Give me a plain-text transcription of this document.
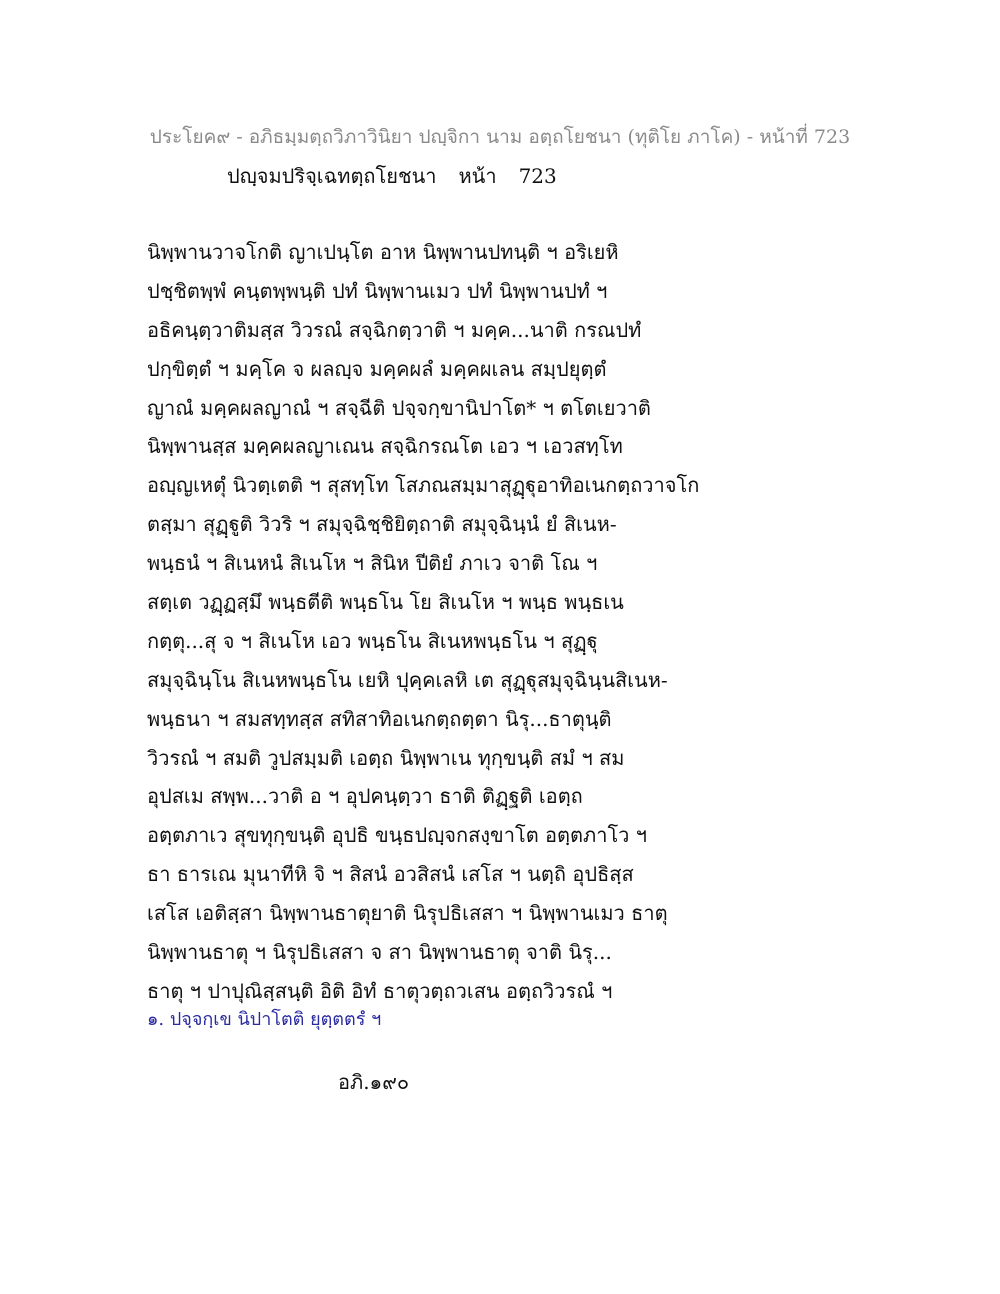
ประโยค๙ - อภิธมฺมตฺถวิภาวินิยา ปญฺจิกา นาม อตฺถโยชนา (ทุติโย ภาโค) - หน้าที่ 723
ปญฺจมปริจฺเฉทตฺถโยชนา หน้า 723
นิพฺพานวาจโกติ ญาเปนฺโต อาห นิพฺพานปทนฺติ ฯ อริเยหิ
ปชฺชิตพฺพํ คนฺตพฺพนฺติ ปทํ นิพฺพานเมว ปทํ นิพฺพานปทํ ฯ
อธิคนฺตฺวาติมสฺส วิวรณํ สจฺฉิกตฺวาติ ฯ มคฺค...นาติ กรณปทํ
ปกฺขิตฺตํ ฯ มคฺโค จ ผลญฺจ มคฺคผลํ มคฺคผเลน สมฺปยุตฺตํ
ญาณํ มคฺคผลญาณํ ฯ สจฺฉีติ ปจฺจกฺขานิปาโต* ฯ ตโตเยวาติ
นิพฺพานสฺส มคฺคผลญาเณน สจฺฉิกรณโต เอว ฯ เอวสทฺโท
อญฺญเหตุํ นิวตฺเตติ ฯ สุสทฺโท โสภณสมฺมาสุฏฺฐุอาทิอเนกตฺถวาจโก
ตสฺมา สุฏฺฐูติ วิวริ ฯ สมุจฺฉิชฺชิยิตฺถาติ สมุจฺฉินฺนํ ยํ สิเนห-
พนฺธนํ ฯ สิเนหนํ สิเนโห ฯ สินิห ปีติยํ ภาเว จาติ โณ ฯ
สตฺเต วฏฺฏสฺมึ พนฺธตีติ พนฺธโน โย สิเนโห ฯ พนฺธ พนฺธเน
กตฺตุ...สุ จ ฯ สิเนโห เอว พนฺธโน สิเนหพนฺธโน ฯ สุฏฺฐุ
สมุจฺฉินฺโน สิเนหพนฺธโน เยหิ ปุคฺคเลหิ เต สุฏฺฐุสมุจฺฉินฺนสิเนห-
พนฺธนา ฯ สมสทฺทสฺส สทิสาทิอเนกตฺถตฺตา นิรุ...ธาตุนฺติ
วิวรณํ ฯ สมติ วูปสมฺมติ เอตฺถ นิพฺพาเน ทุกฺขนฺติ สมํ ฯ สม
อุปสเม สพฺพ...วาติ อ ฯ อุปคนฺตฺวา ธาติ ติฏฺฐติ เอตฺถ
อตฺตภาเว สุขทุกฺขนฺติ อุปธิ ขนฺธปญฺจกสงฺขาโต อตฺตภาโว ฯ
ธา ธารเณ มุนาทีหิ จิ ฯ สิสนํ อวสิสนํ เสโส ฯ นตฺถิ อุปธิสฺส
เสโส เอติสฺสา นิพฺพานธาตุยาติ นิรุปธิเสสา ฯ นิพฺพานเมว ธาตุ
นิพฺพานธาตุ ฯ นิรุปธิเสสา จ สา นิพฺพานธาตุ จาติ นิรุ...
ธาตุ ฯ ปาปุณิสฺสนฺติ อิติ อิทํ ธาตุวตฺถวเสน อตฺถวิวรณํ ฯ
๑. ปจฺจกฺเข นิปาโตติ ยุตฺตตรํ ฯ
อภิ.๑๙๐
